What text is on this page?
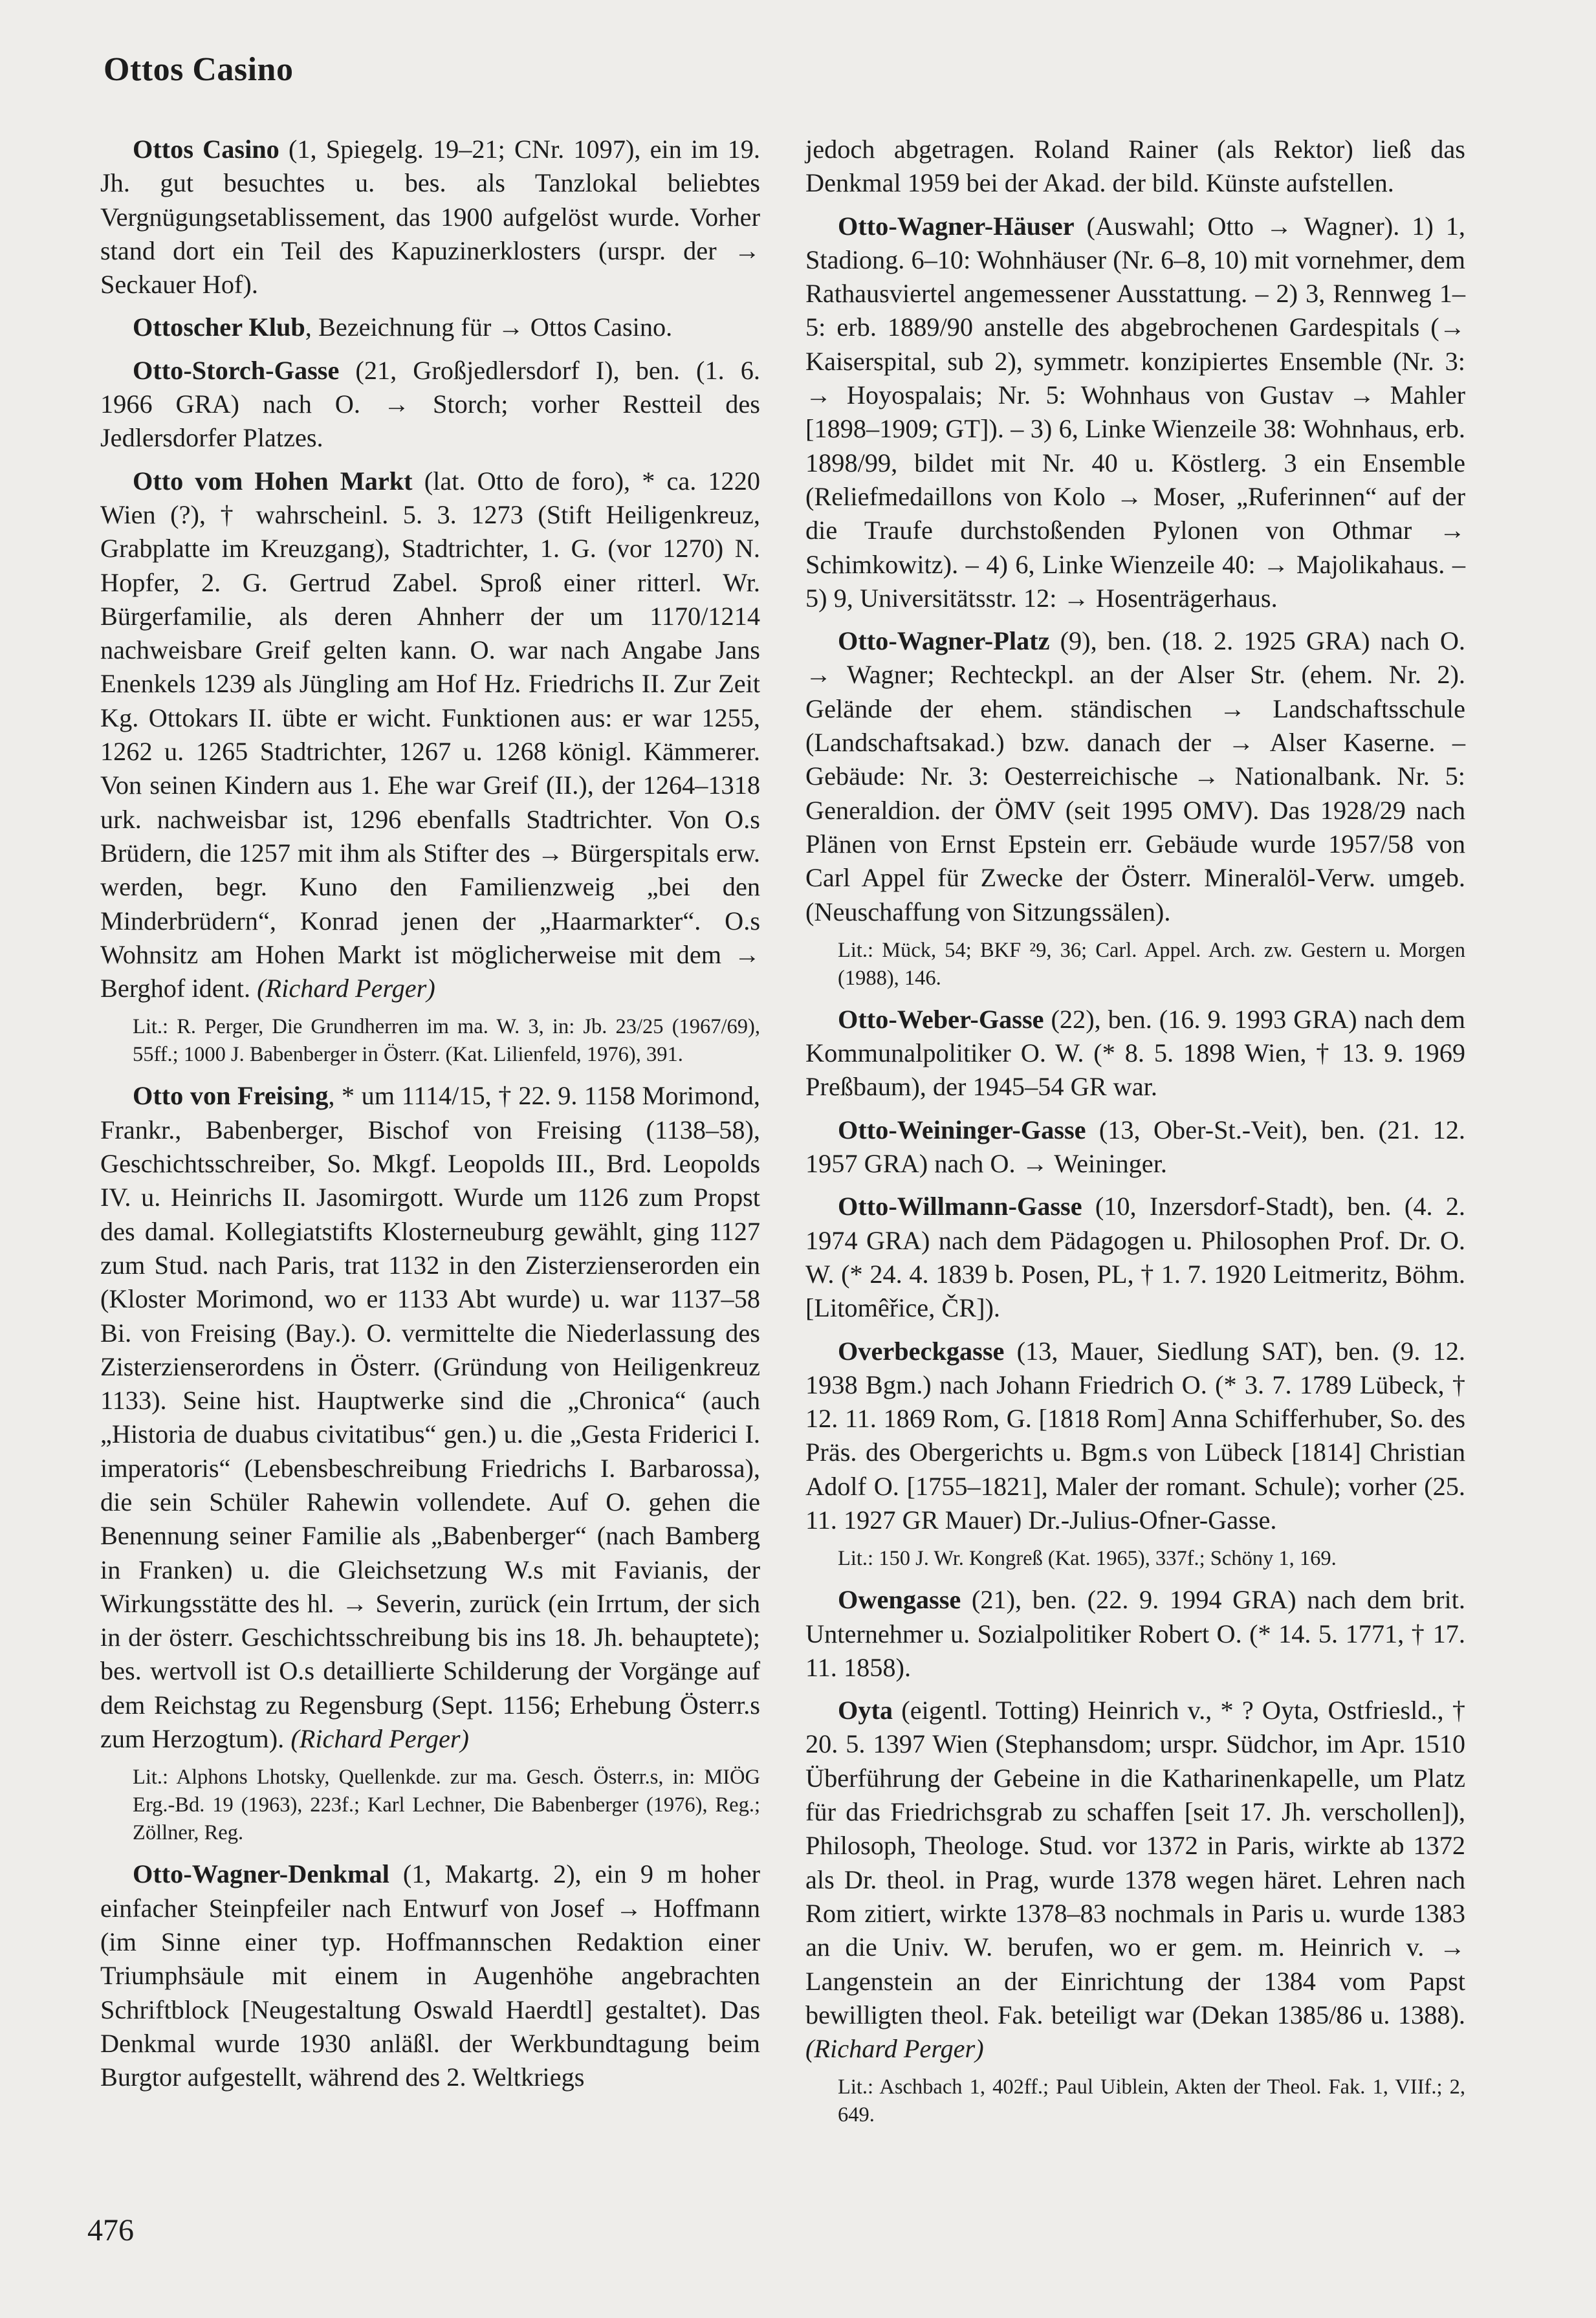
Ottos Casino

Ottos Casino (1, Spiegelg. 19–21; CNr. 1097), ein im 19. Jh. gut besuchtes u. bes. als Tanzlokal beliebtes Vergnügungsetablissement, das 1900 aufgelöst wurde. Vorher stand dort ein Teil des Kapuzinerklosters (urspr. der → Seckauer Hof).

Ottoscher Klub, Bezeichnung für → Ottos Casino.

Otto-Storch-Gasse (21, Großjedlersdorf I), ben. (1. 6. 1966 GRA) nach O. → Storch; vorher Restteil des Jedlersdorfer Platzes.

Otto vom Hohen Markt (lat. Otto de foro), * ca. 1220 Wien (?), † wahrscheinl. 5. 3. 1273 (Stift Heiligenkreuz, Grabplatte im Kreuzgang), Stadtrichter, 1. G. (vor 1270) N. Hopfer, 2. G. Gertrud Zabel. Sproß einer ritterl. Wr. Bürgerfamilie, als deren Ahnherr der um 1170/1214 nachweisbare Greif gelten kann. O. war nach Angabe Jans Enenkels 1239 als Jüngling am Hof Hz. Friedrichs II. Zur Zeit Kg. Ottokars II. übte er wicht. Funktionen aus: er war 1255, 1262 u. 1265 Stadtrichter, 1267 u. 1268 königl. Kämmerer. Von seinen Kindern aus 1. Ehe war Greif (II.), der 1264–1318 urk. nachweisbar ist, 1296 ebenfalls Stadtrichter. Von O.s Brüdern, die 1257 mit ihm als Stifter des → Bürgerspitals erw. werden, begr. Kuno den Familienzweig „bei den Minderbrüdern“, Konrad jenen der „Haarmarkter“. O.s Wohnsitz am Hohen Markt ist möglicherweise mit dem → Berghof ident. (Richard Perger)

Lit.: R. Perger, Die Grundherren im ma. W. 3, in: Jb. 23/25 (1967/69), 55ff.; 1000 J. Babenberger in Österr. (Kat. Lilienfeld, 1976), 391.

Otto von Freising, * um 1114/15, † 22. 9. 1158 Morimond, Frankr., Babenberger, Bischof von Freising (1138–58), Geschichtsschreiber, So. Mkgf. Leopolds III., Brd. Leopolds IV. u. Heinrichs II. Jasomirgott. Wurde um 1126 zum Propst des damal. Kollegiatstifts Klosterneuburg gewählt, ging 1127 zum Stud. nach Paris, trat 1132 in den Zisterzienserorden ein (Kloster Morimond, wo er 1133 Abt wurde) u. war 1137–58 Bi. von Freising (Bay.). O. vermittelte die Niederlassung des Zisterzienserordens in Österr. (Gründung von Heiligenkreuz 1133). Seine hist. Hauptwerke sind die „Chronica“ (auch „Historia de duabus civitatibus“ gen.) u. die „Gesta Friderici I. imperatoris“ (Lebensbeschreibung Friedrichs I. Barbarossa), die sein Schüler Rahewin vollendete. Auf O. gehen die Benennung seiner Familie als „Babenberger“ (nach Bamberg in Franken) u. die Gleichsetzung W.s mit Favianis, der Wirkungsstätte des hl. → Severin, zurück (ein Irrtum, der sich in der österr. Geschichtsschreibung bis ins 18. Jh. behauptete); bes. wertvoll ist O.s detaillierte Schilderung der Vorgänge auf dem Reichstag zu Regensburg (Sept. 1156; Erhebung Österr.s zum Herzogtum). (Richard Perger)

Lit.: Alphons Lhotsky, Quellenkde. zur ma. Gesch. Österr.s, in: MIÖG Erg.-Bd. 19 (1963), 223f.; Karl Lechner, Die Babenberger (1976), Reg.; Zöllner, Reg.

Otto-Wagner-Denkmal (1, Makartg. 2), ein 9 m hoher einfacher Steinpfeiler nach Entwurf von Josef → Hoffmann (im Sinne einer typ. Hoffmannschen Redaktion einer Triumphsäule mit einem in Augenhöhe angebrachten Schriftblock [Neugestaltung Oswald Haerdtl] gestaltet). Das Denkmal wurde 1930 anläßl. der Werkbundtagung beim Burgtor aufgestellt, während des 2. Weltkriegs

jedoch abgetragen. Roland Rainer (als Rektor) ließ das Denkmal 1959 bei der Akad. der bild. Künste aufstellen.

Otto-Wagner-Häuser (Auswahl; Otto → Wagner). 1) 1, Stadiong. 6–10: Wohnhäuser (Nr. 6–8, 10) mit vornehmer, dem Rathausviertel angemessener Ausstattung. – 2) 3, Rennweg 1–5: erb. 1889/90 anstelle des abgebrochenen Gardespitals (→ Kaiserspital, sub 2), symmetr. konzipiertes Ensemble (Nr. 3: → Hoyospalais; Nr. 5: Wohnhaus von Gustav → Mahler [1898–1909; GT]). – 3) 6, Linke Wienzeile 38: Wohnhaus, erb. 1898/99, bildet mit Nr. 40 u. Köstlerg. 3 ein Ensemble (Reliefmedaillons von Kolo → Moser, „Ruferinnen“ auf der die Traufe durchstoßenden Pylonen von Othmar → Schimkowitz). – 4) 6, Linke Wienzeile 40: → Majolikahaus. – 5) 9, Universitätsstr. 12: → Hosenträgerhaus.

Otto-Wagner-Platz (9), ben. (18. 2. 1925 GRA) nach O. → Wagner; Rechteckpl. an der Alser Str. (ehem. Nr. 2). Gelände der ehem. ständischen → Landschaftsschule (Landschaftsakad.) bzw. danach der → Alser Kaserne. – Gebäude: Nr. 3: Oesterreichische → Nationalbank. Nr. 5: Generaldion. der ÖMV (seit 1995 OMV). Das 1928/29 nach Plänen von Ernst Epstein err. Gebäude wurde 1957/58 von Carl Appel für Zwecke der Österr. Mineralöl-Verw. umgeb. (Neuschaffung von Sitzungssälen).

Lit.: Mück, 54; BKF ²9, 36; Carl. Appel. Arch. zw. Gestern u. Morgen (1988), 146.

Otto-Weber-Gasse (22), ben. (16. 9. 1993 GRA) nach dem Kommunalpolitiker O. W. (* 8. 5. 1898 Wien, † 13. 9. 1969 Preßbaum), der 1945–54 GR war.

Otto-Weininger-Gasse (13, Ober-St.-Veit), ben. (21. 12. 1957 GRA) nach O. → Weininger.

Otto-Willmann-Gasse (10, Inzersdorf-Stadt), ben. (4. 2. 1974 GRA) nach dem Pädagogen u. Philosophen Prof. Dr. O. W. (* 24. 4. 1839 b. Posen, PL, † 1. 7. 1920 Leitmeritz, Böhm. [Litomêřice, ČR]).

Overbeckgasse (13, Mauer, Siedlung SAT), ben. (9. 12. 1938 Bgm.) nach Johann Friedrich O. (* 3. 7. 1789 Lübeck, † 12. 11. 1869 Rom, G. [1818 Rom] Anna Schifferhuber, So. des Präs. des Obergerichts u. Bgm.s von Lübeck [1814] Christian Adolf O. [1755–1821], Maler der romant. Schule); vorher (25. 11. 1927 GR Mauer) Dr.-Julius-Ofner-Gasse.

Lit.: 150 J. Wr. Kongreß (Kat. 1965), 337f.; Schöny 1, 169.

Owengasse (21), ben. (22. 9. 1994 GRA) nach dem brit. Unternehmer u. Sozialpolitiker Robert O. (* 14. 5. 1771, † 17. 11. 1858).

Oyta (eigentl. Totting) Heinrich v., * ? Oyta, Ostfriesld., † 20. 5. 1397 Wien (Stephansdom; urspr. Südchor, im Apr. 1510 Überführung der Gebeine in die Katharinenkapelle, um Platz für das Friedrichsgrab zu schaffen [seit 17. Jh. verschollen]), Philosoph, Theologe. Stud. vor 1372 in Paris, wirkte ab 1372 als Dr. theol. in Prag, wurde 1378 wegen häret. Lehren nach Rom zitiert, wirkte 1378–83 nochmals in Paris u. wurde 1383 an die Univ. W. berufen, wo er gem. m. Heinrich v. → Langenstein an der Einrichtung der 1384 vom Papst bewilligten theol. Fak. beteiligt war (Dekan 1385/86 u. 1388). (Richard Perger)

Lit.: Aschbach 1, 402ff.; Paul Uiblein, Akten der Theol. Fak. 1, VIIf.; 2, 649.

476
